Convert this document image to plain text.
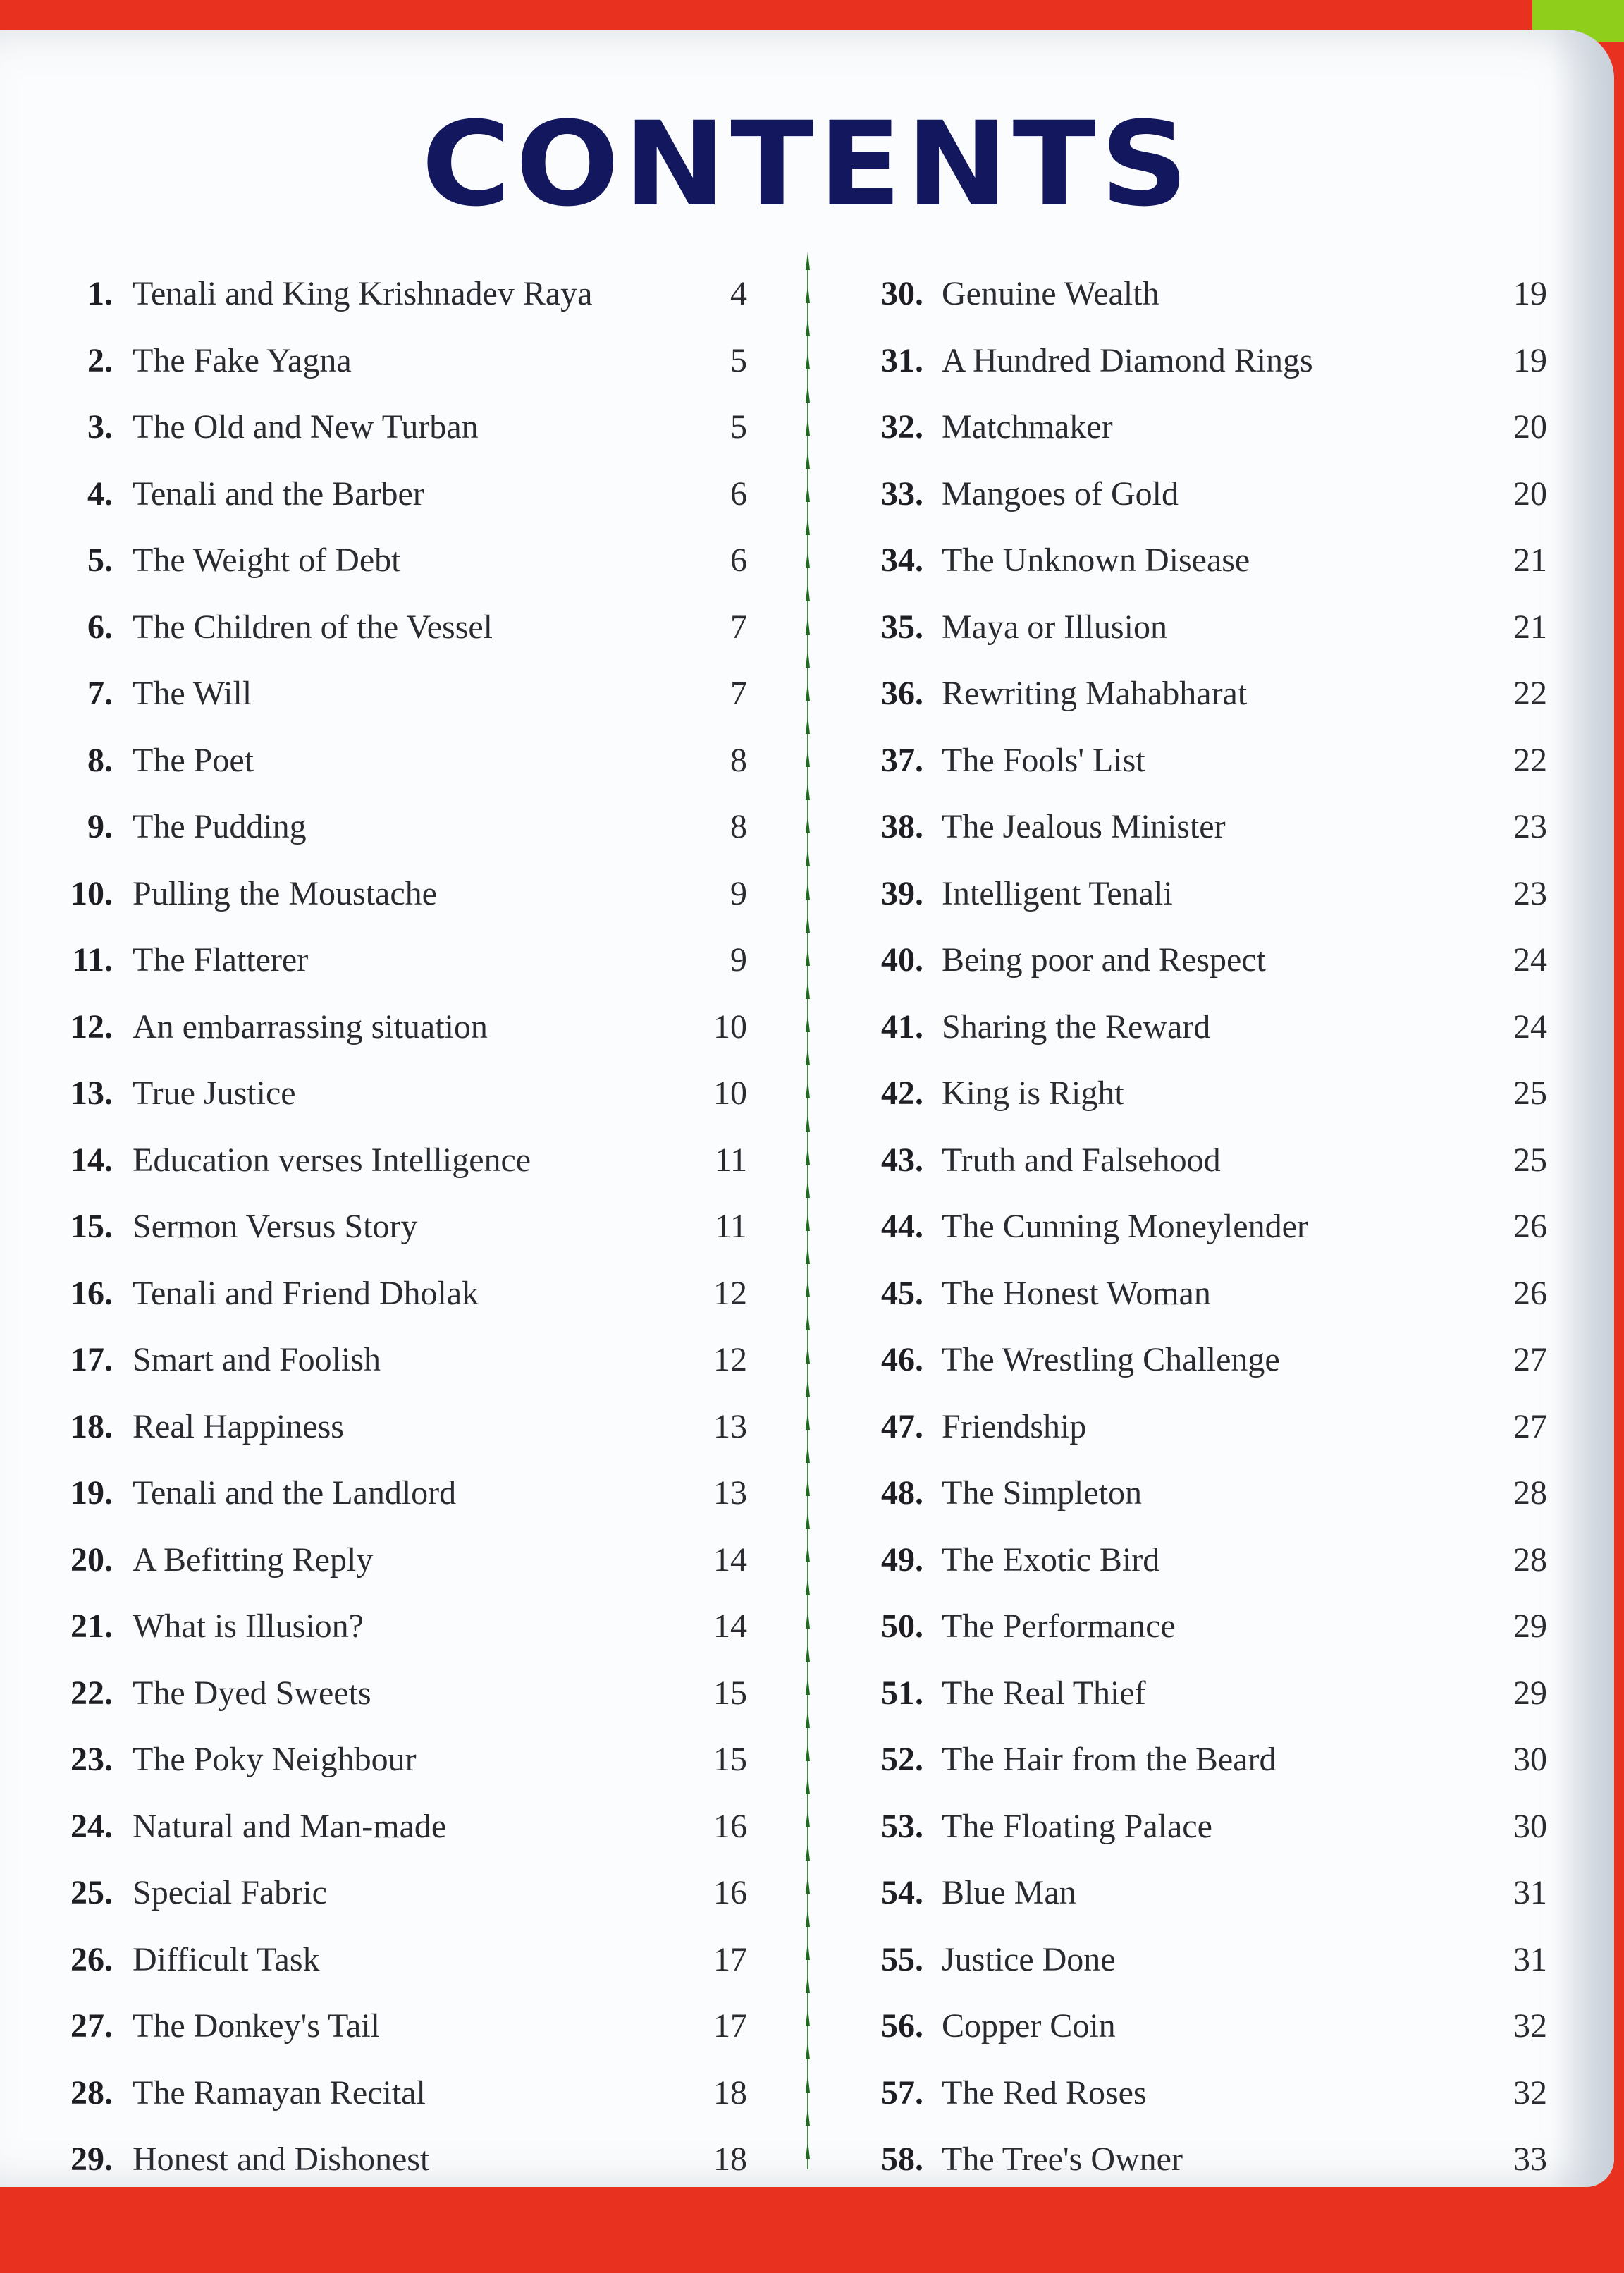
CONTENTS
1. Tenali and King Krishnadev Raya	4
2. The Fake Yagna	5
3. The Old and New Turban	5
4. Tenali and the Barber	6
5. The Weight of Debt	6
6. The Children of the Vessel	7
7. The Will	7
8. The Poet	8
9. The Pudding	8
10. Pulling the Moustache	9
11. The Flatterer	9
12. An embarrassing situation	10
13. True Justice	10
14. Education verses Intelligence	11
15. Sermon Versus Story	11
16. Tenali and Friend Dholak	12
17. Smart and Foolish	12
18. Real Happiness	13
19. Tenali and the Landlord	13
20. A Befitting Reply	14
21. What is Illusion?	14
22. The Dyed Sweets	15
23. The Poky Neighbour	15
24. Natural and Man-made	16
25. Special Fabric	16
26. Difficult Task	17
27. The Donkey's Tail	17
28. The Ramayan Recital	18
29. Honest and Dishonest	18
30. Genuine Wealth	19
31. A Hundred Diamond Rings	19
32. Matchmaker	20
33. Mangoes of Gold	20
34. The Unknown Disease	21
35. Maya or Illusion	21
36. Rewriting Mahabharat	22
37. The Fools' List	22
38. The Jealous Minister	23
39. Intelligent Tenali	23
40. Being poor and Respect	24
41. Sharing the Reward	24
42. King is Right	25
43. Truth and Falsehood	25
44. The Cunning Moneylender	26
45. The Honest Woman	26
46. The Wrestling Challenge	27
47. Friendship	27
48. The Simpleton	28
49. The Exotic Bird	28
50. The Performance	29
51. The Real Thief	29
52. The Hair from the Beard	30
53. The Floating Palace	30
54. Blue Man	31
55. Justice Done	31
56. Copper Coin	32
57. The Red Roses	32
58. The Tree's Owner	33
